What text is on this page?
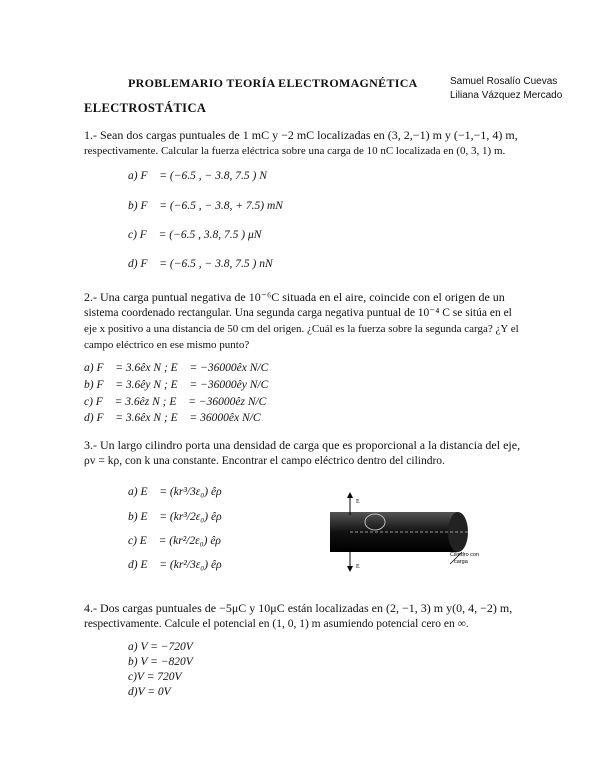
PROBLEMARIO TEORÍA ELECTROMAGNÉTICA	Samuel Rosalío Cuevas
Liliana Vázquez Mercado
ELECTROSTÁTICA
1.- Sean dos cargas puntuales de 1 mC y −2 mC localizadas en (3, 2,−1) m y (−1,−1, 4) m,
respectivamente. Calcular la fuerza eléctrica sobre una carga de 10 nC localizada en (0, 3, 1) m.
a) F⃗ = (−6.5 , − 3.8, 7.5 ) N
b) F⃗ = (−6.5 , − 3.8, + 7.5) mN
c) F⃗ = (−6.5 , 3.8, 7.5 ) μN
d) F⃗ = (−6.5 , − 3.8, 7.5 ) nN
2.- Una carga puntual negativa de 10⁻⁶C situada en el aire, coincide con el origen de un
sistema coordenado rectangular. Una segunda carga negativa puntual de 10⁻⁴ C se sitúa en el
eje x positivo a una distancia de 50 cm del origen. ¿Cuál es la fuerza sobre la segunda carga? ¿Y el
campo eléctrico en ese mismo punto?
a) F⃗ = 3.6êx N ; E⃗ = −36000êx N/C
b) F⃗ = 3.6êy N ; E⃗ = −36000êy N/C
c) F⃗ = 3.6êz N ; E⃗ = −36000êz N/C
d) F⃗ = 3.6êx N ; E⃗ = 36000êx N/C
3.- Un largo cilindro porta una densidad de carga que es proporcional a la distancia del eje,
ρv = kρ, con k una constante. Encontrar el campo eléctrico dentro del cilindro.
a) E⃗ = (kr³/3ε₀) êρ
b) E⃗ = (kr³/2ε₀) êρ
c) E⃗ = (kr²/2ε₀) êρ
d) E⃗ = (kr²/3ε₀) êρ
E
E
Cilindro con
carga
4.- Dos cargas puntuales de −5μC y 10μC están localizadas en (2, −1, 3) m y(0, 4, −2) m,
respectivamente. Calcule el potencial en (1, 0, 1) m asumiendo potencial cero en ∞.
a) V = −720V
b) V = −820V
c)V = 720V
d)V = 0V
